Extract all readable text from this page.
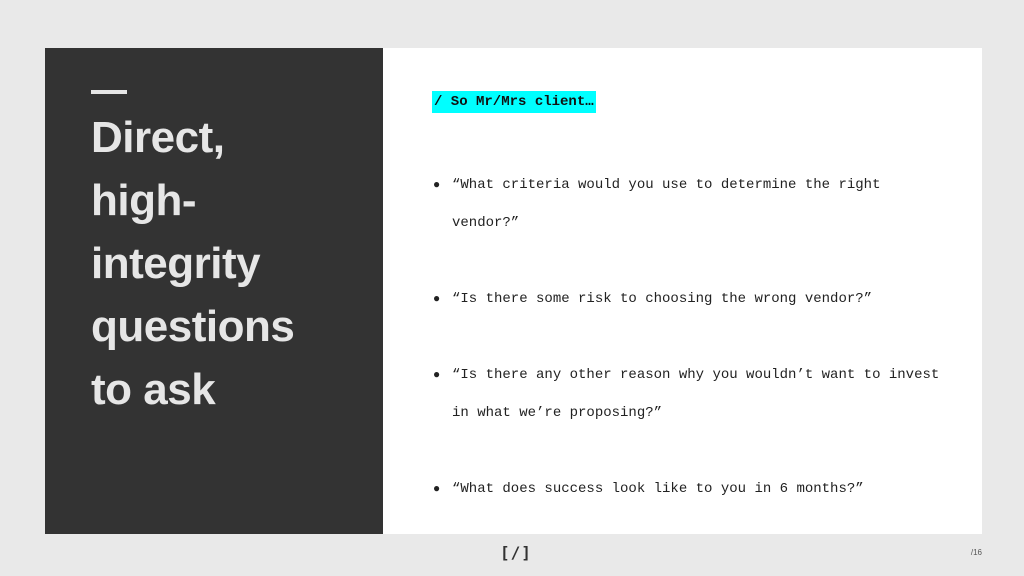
Direct,
high-
integrity
questions
to ask
/ So Mr/Mrs client…
● “What criteria would you use to determine the right vendor?”
● “Is there some risk to choosing the wrong vendor?”
● “Is there any other reason why you wouldn’t want to invest in what we’re proposing?”
● “What does success look like to you in 6 months?”
[/]	/16
